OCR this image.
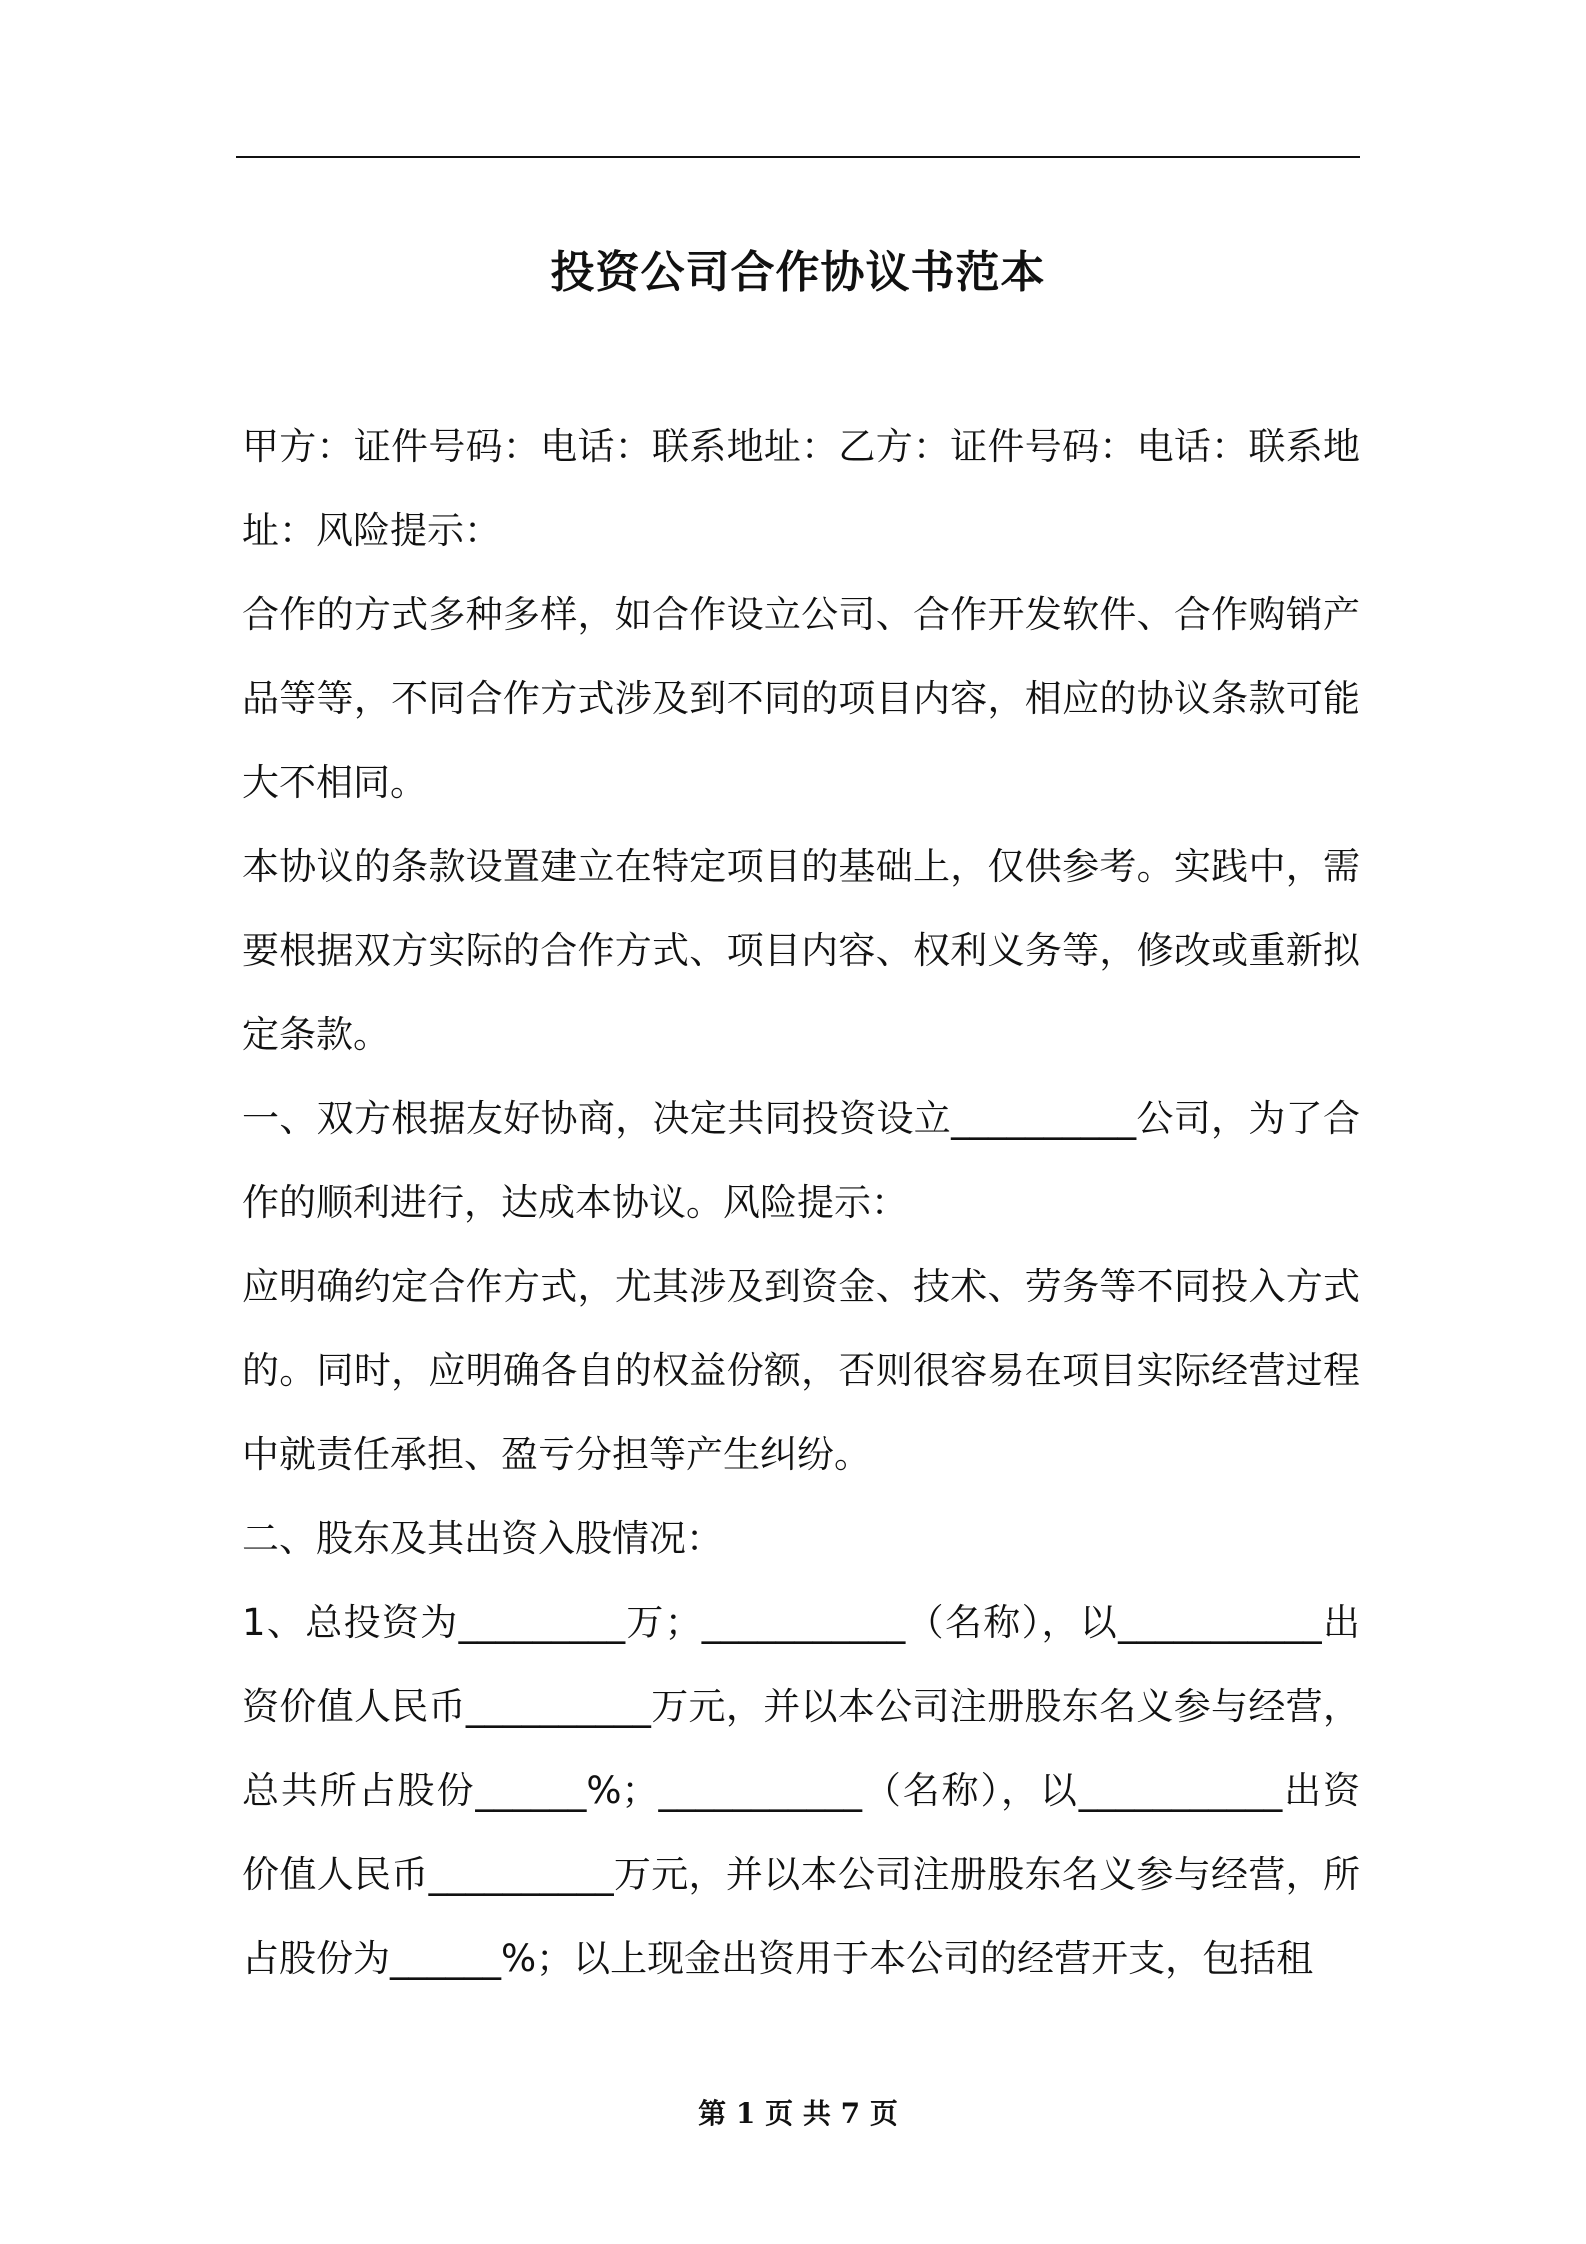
投资公司合作协议书范本

甲方：证件号码：电话：联系地址：乙方：证件号码：电话：联系地址：风险提示：

合作的方式多种多样，如合作设立公司、合作开发软件、合作购销产品等等，不同合作方式涉及到不同的项目内容，相应的协议条款可能大不相同。

本协议的条款设置建立在特定项目的基础上，仅供参考。实践中，需要根据双方实际的合作方式、项目内容、权利义务等，修改或重新拟定条款。

一、双方根据友好协商，决定共同投资设立__________公司，为了合作的顺利进行，达成本协议。风险提示：

应明确约定合作方式，尤其涉及到资金、技术、劳务等不同投入方式的。同时，应明确各自的权益份额，否则很容易在项目实际经营过程中就责任承担、盈亏分担等产生纠纷。

二、股东及其出资入股情况：

1、总投资为_________万；___________（名称），以___________出资价值人民币__________万元，并以本公司注册股东名义参与经营，总共所占股份______%；___________（名称），以___________出资价值人民币__________万元，并以本公司注册股东名义参与经营，所占股份为______%；以上现金出资用于本公司的经营开支，包括租

第 1 页 共 7 页
